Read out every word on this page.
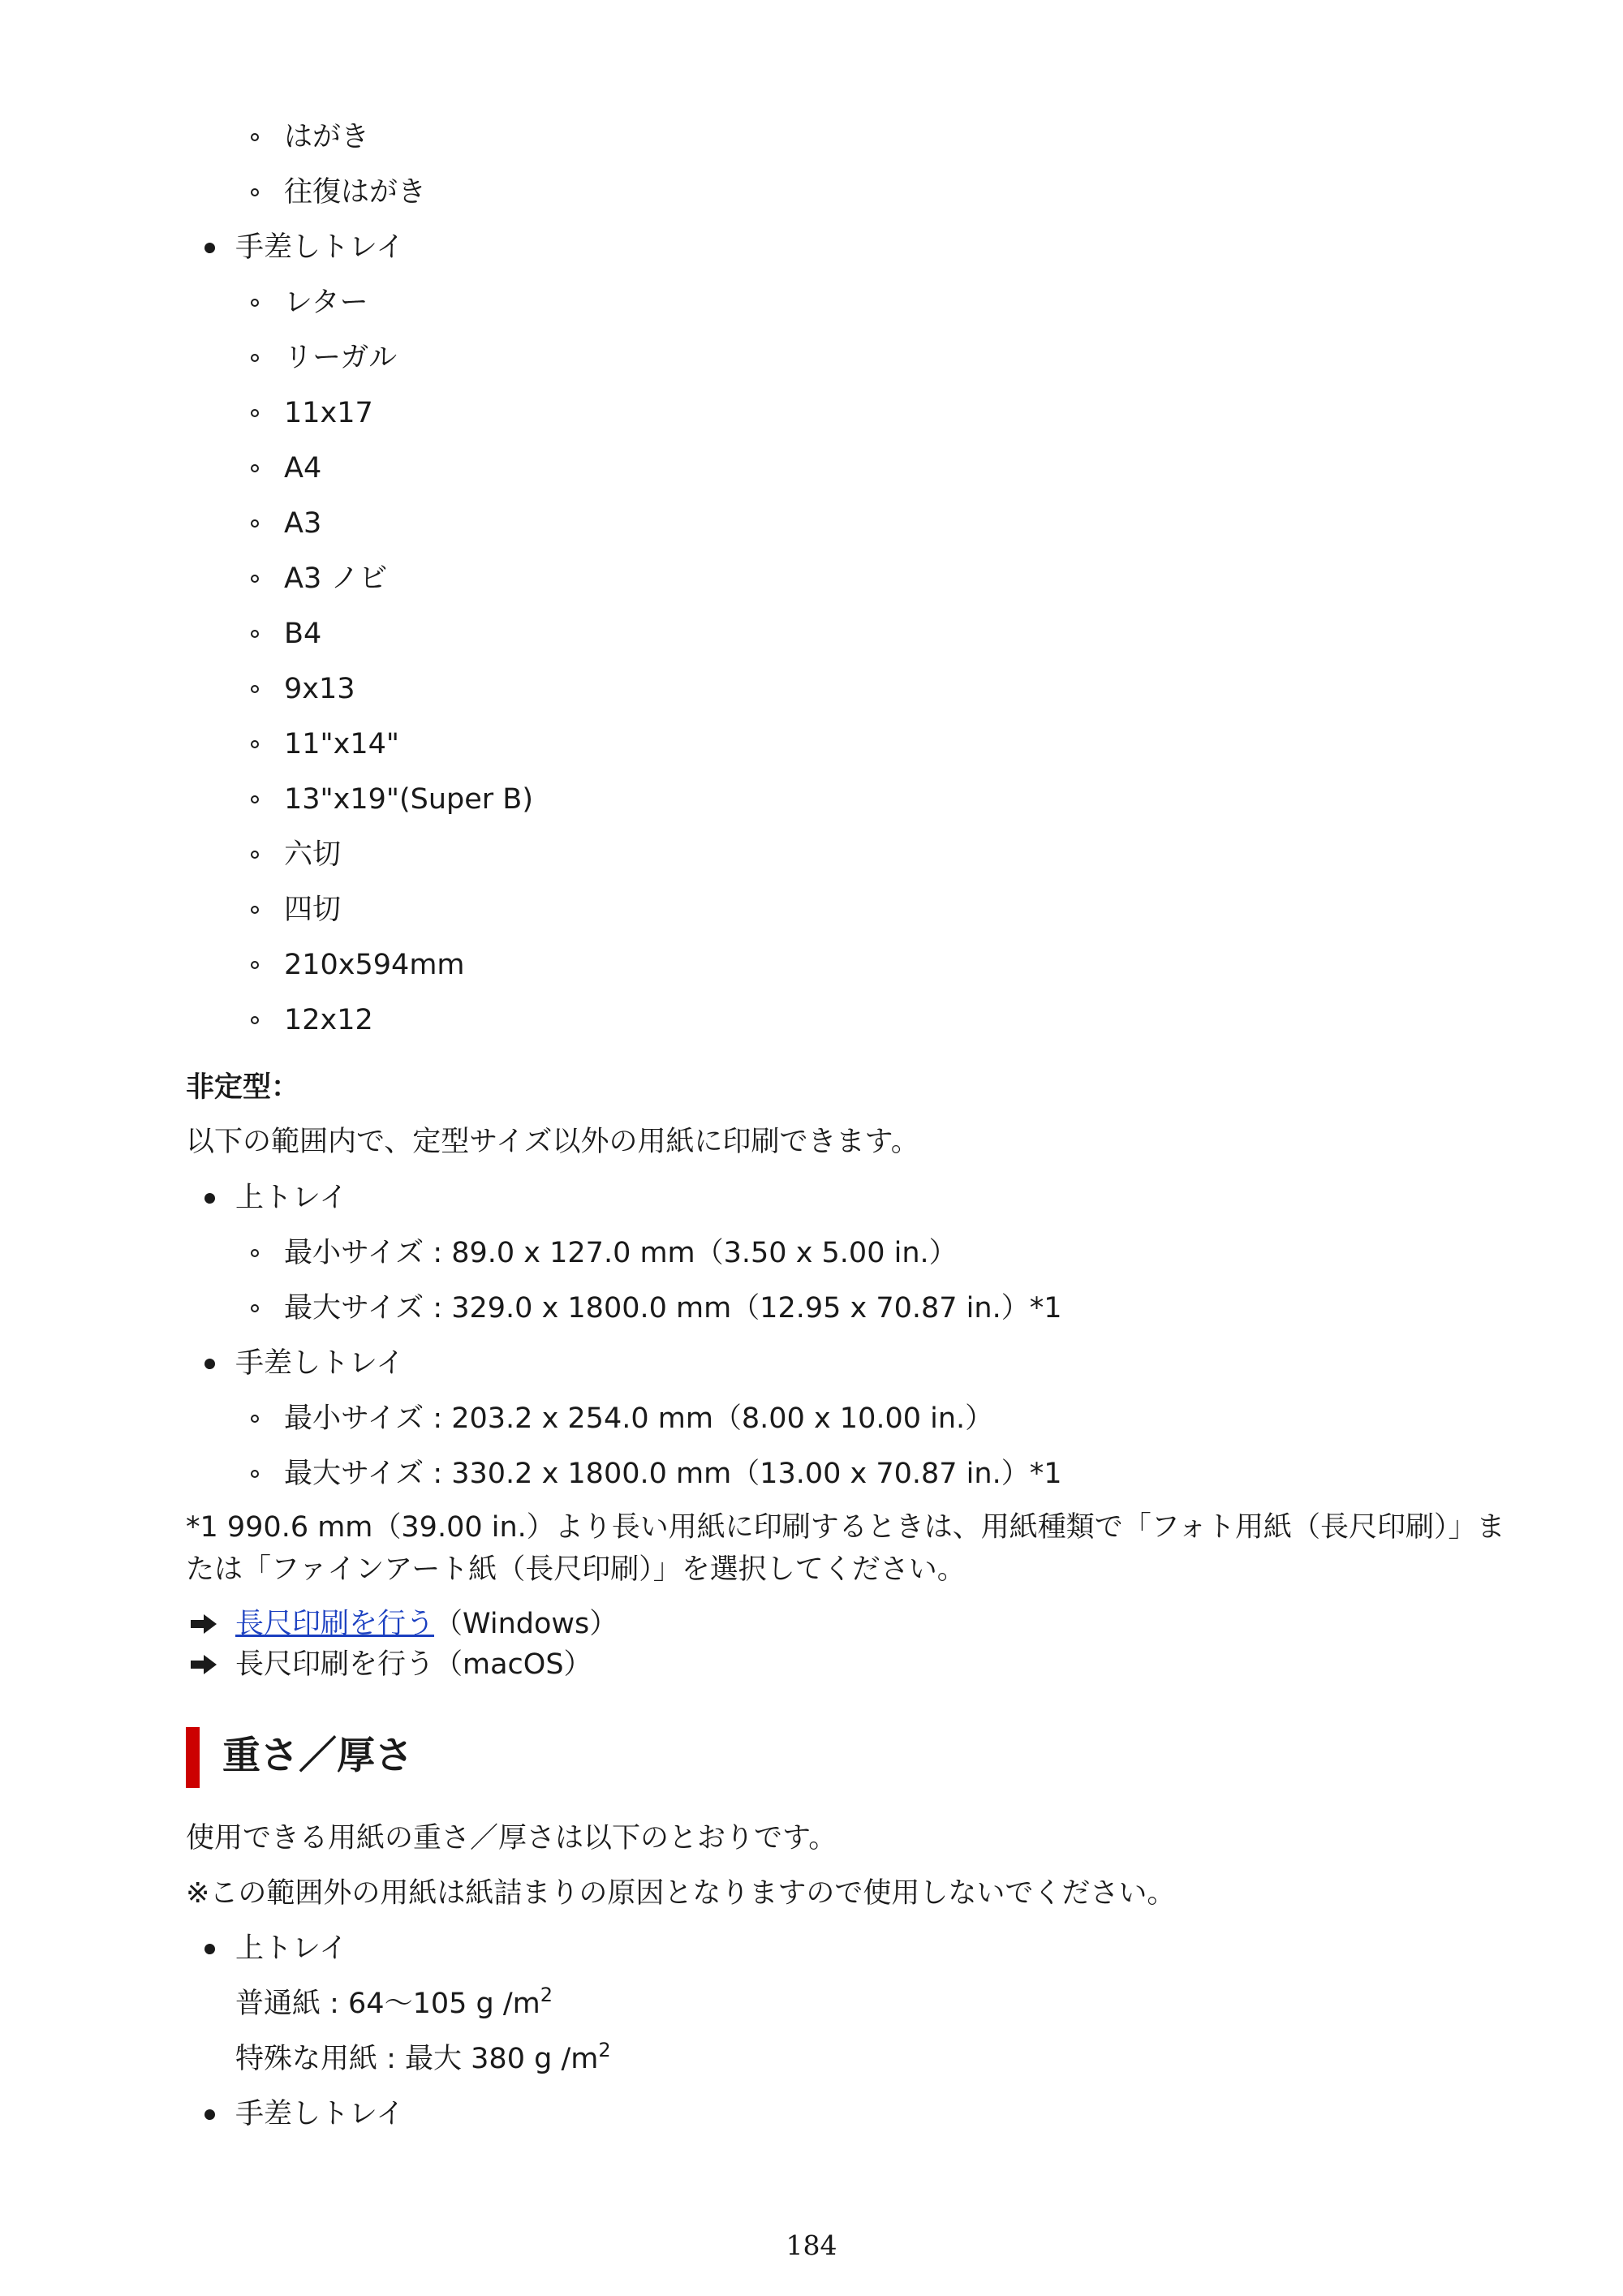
はがき
往復はがき
手差しトレイ
レター
リーガル
11x17
A4
A3
A3 ノビ
B4
9x13
11"x14"
13"x19"(Super B)
六切
四切
210x594mm
12x12
非定型：
以下の範囲内で、定型サイズ以外の用紙に印刷できます。
上トレイ
最小サイズ : 89.0 x 127.0 mm（3.50 x 5.00 in.）
最大サイズ : 329.0 x 1800.0 mm（12.95 x 70.87 in.）*1
手差しトレイ
最小サイズ : 203.2 x 254.0 mm（8.00 x 10.00 in.）
最大サイズ : 330.2 x 1800.0 mm（13.00 x 70.87 in.）*1
*1 990.6 mm（39.00 in.）より長い用紙に印刷するときは、用紙種類で「フォト用紙（長尺印刷）」ま
たは「ファインアート紙（長尺印刷）」を選択してください。
長尺印刷を行う（Windows）
長尺印刷を行う（macOS）
重さ／厚さ
使用できる用紙の重さ／厚さは以下のとおりです。
※この範囲外の用紙は紙詰まりの原因となりますので使用しないでください。
上トレイ
普通紙 : 64〜105 g $/m^2$
特殊な用紙 : 最大 380 g $/m^2$
手差しトレイ
184
